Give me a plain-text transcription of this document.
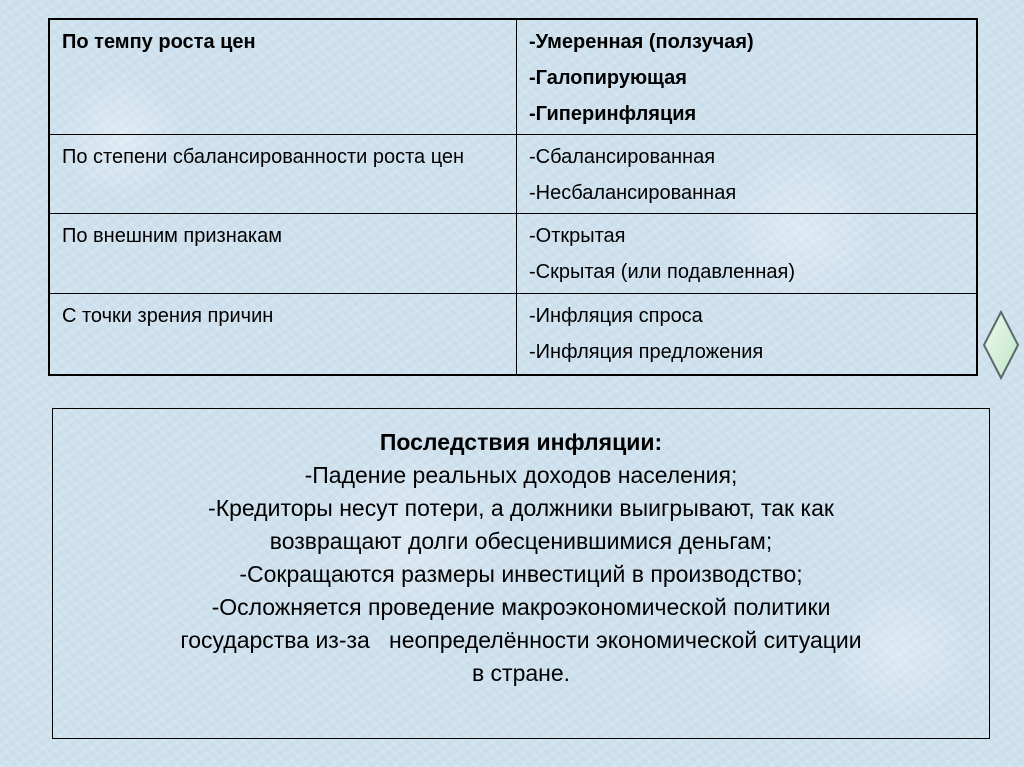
По темпу роста цен	-Умеренная (ползучая)
-Галопирующая
-Гиперинфляция

По степени сбалансированности роста цен	-Сбалансированная
-Несбалансированная

По внешним признакам	-Открытая
-Скрытая (или подавленная)

С точки зрения причин	-Инфляция спроса
-Инфляция предложения
Последствия инфляции:
-Падение реальных доходов населения;
-Кредиторы несут потери, а должники выигрывают, так как
возвращают долги обесценившимися деньгам;
-Сокращаются размеры инвестиций в производство;
-Осложняется проведение макроэкономической политики
государства из-за   неопределённости экономической ситуации
в стране.
